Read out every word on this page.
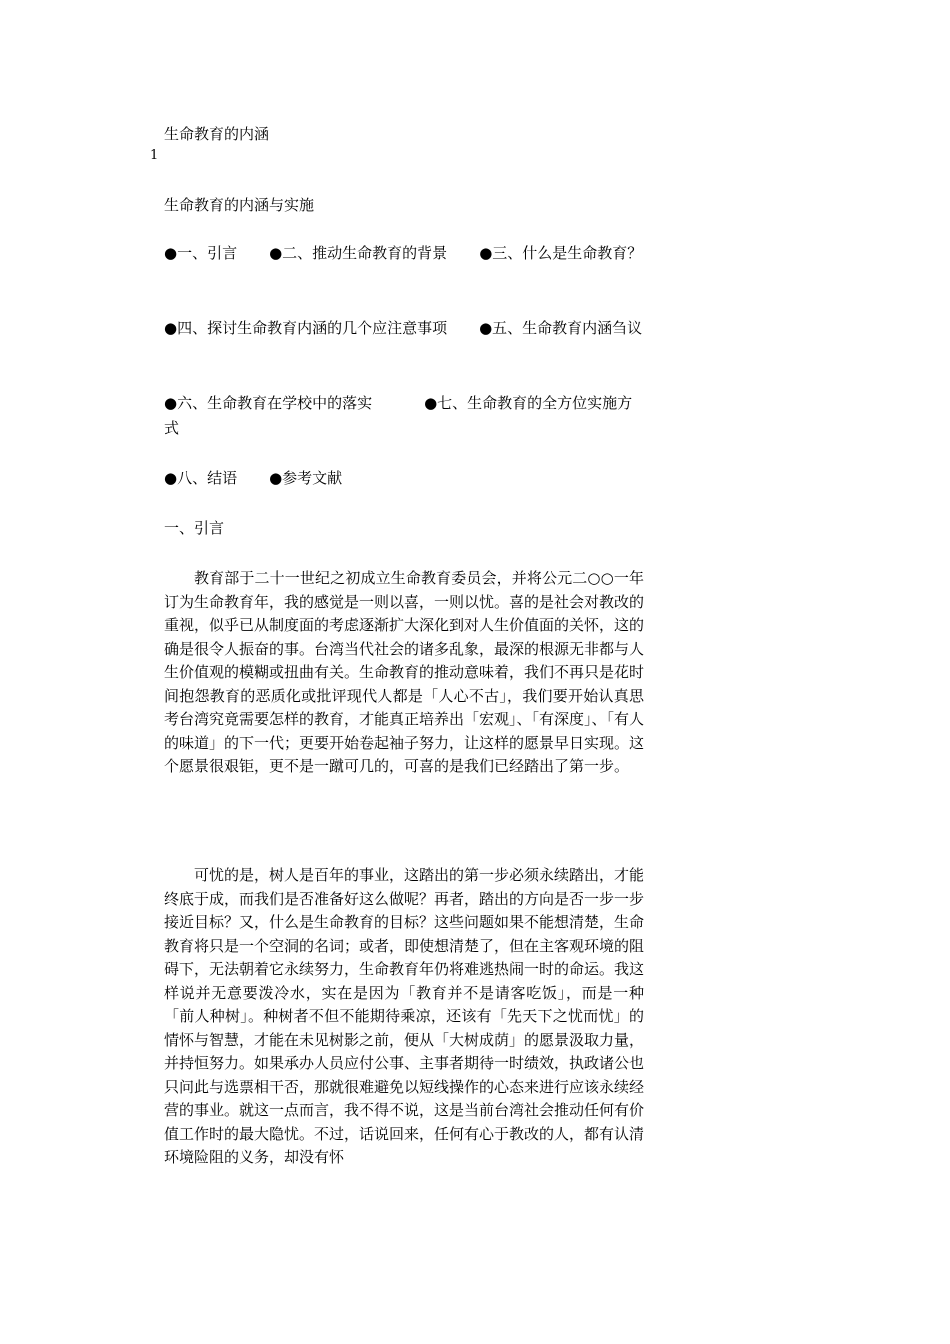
生命教育的内涵
1
生命教育的内涵与实施
●一、引言 ●二、推动生命教育的背景 ●三、什么是生命教育？
●四、探讨生命教育内涵的几个应注意事项 ●五、生命教育内涵刍议
●六、生命教育在学校中的落实	●七、生命教育的全方位实施方式
●八、结语 ●参考文献
一、引言

教育部于二十一世纪之初成立生命教育委员会，并将公元二○○一年订为生命教育年，我的感觉是一则以喜，一则以忧。喜的是社会对教改的重视，似乎已从制度面的考虑逐渐扩大深化到对人生价值面的关怀，这的确是很令人振奋的事。台湾当代社会的诸多乱象，最深的根源无非都与人生价值观的模糊或扭曲有关。生命教育的推动意味着，我们不再只是花时间抱怨教育的恶质化或批评现代人都是「人心不古」，我们要开始认真思考台湾究竟需要怎样的教育，才能真正培养出「宏观」、「有深度」、「有人的味道」的下一代；更要开始卷起袖子努力，让这样的愿景早日实现。这个愿景很艰钜，更不是一蹴可几的，可喜的是我们已经踏出了第一步。

可忧的是，树人是百年的事业，这踏出的第一步必须永续踏出，才能终底于成，而我们是否准备好这么做呢？再者，踏出的方向是否一步一步接近目标？又，什么是生命教育的目标？这些问题如果不能想清楚，生命教育将只是一个空洞的名词；或者，即使想清楚了，但在主客观环境的阻碍下，无法朝着它永续努力，生命教育年仍将难逃热闹一时的命运。我这样说并无意要泼冷水，实在是因为「教育并不是请客吃饭」，而是一种「前人种树」。种树者不但不能期待乘凉，还该有「先天下之忧而忧」的情怀与智慧，才能在未见树影之前，便从「大树成荫」的愿景汲取力量，并持恒努力。如果承办人员应付公事、主事者期待一时绩效，执政诸公也只问此与选票相干否，那就很难避免以短线操作的心态来进行应该永续经营的事业。就这一点而言，我不得不说，这是当前台湾社会推动任何有价值工作时的最大隐忧。不过，话说回来，任何有心于教改的人，都有认清环境险阻的义务，却没有怀
